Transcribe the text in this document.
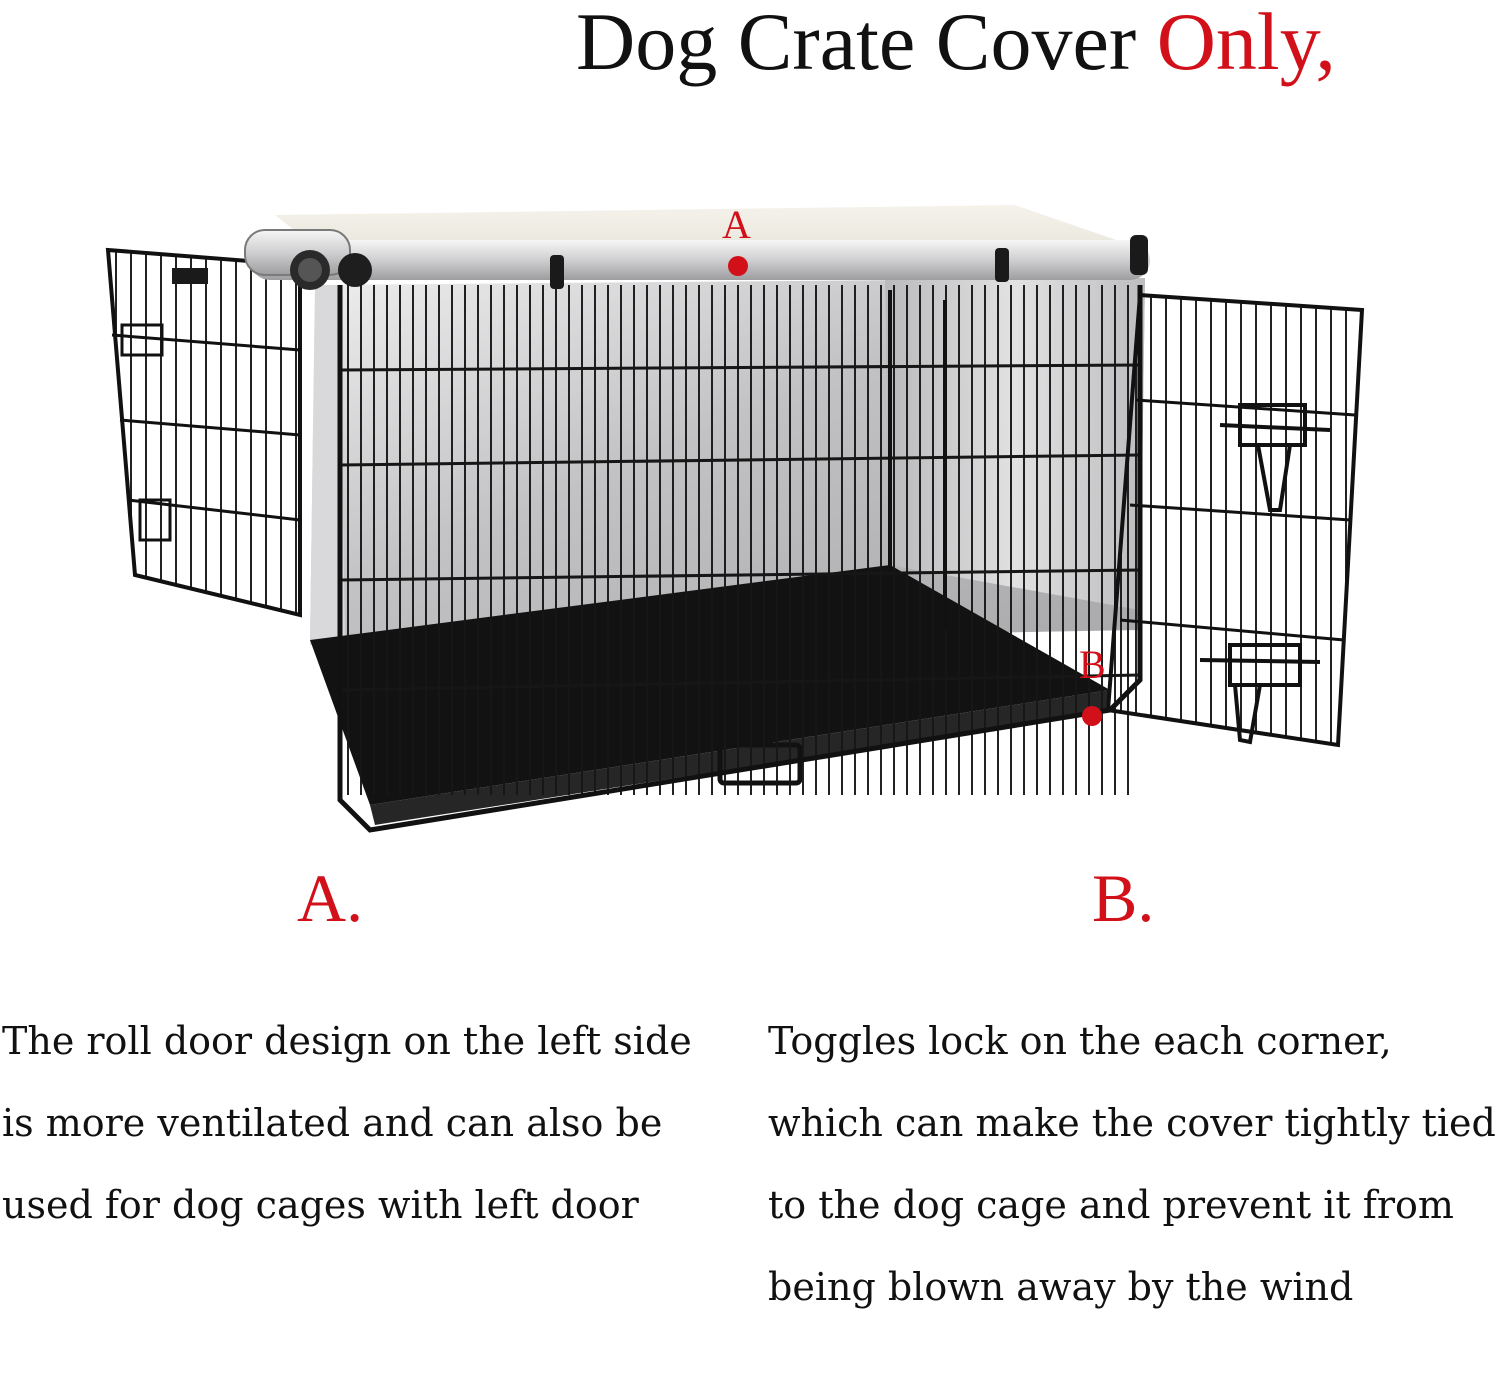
Dog Crate Cover Only,
A
B
A.	B.

The roll door design on the left side is more ventilated and can also be used for dog cages with left door

Toggles lock on the each corner, which can make the cover tightly tied to the dog cage and prevent it from being blown away by the wind
